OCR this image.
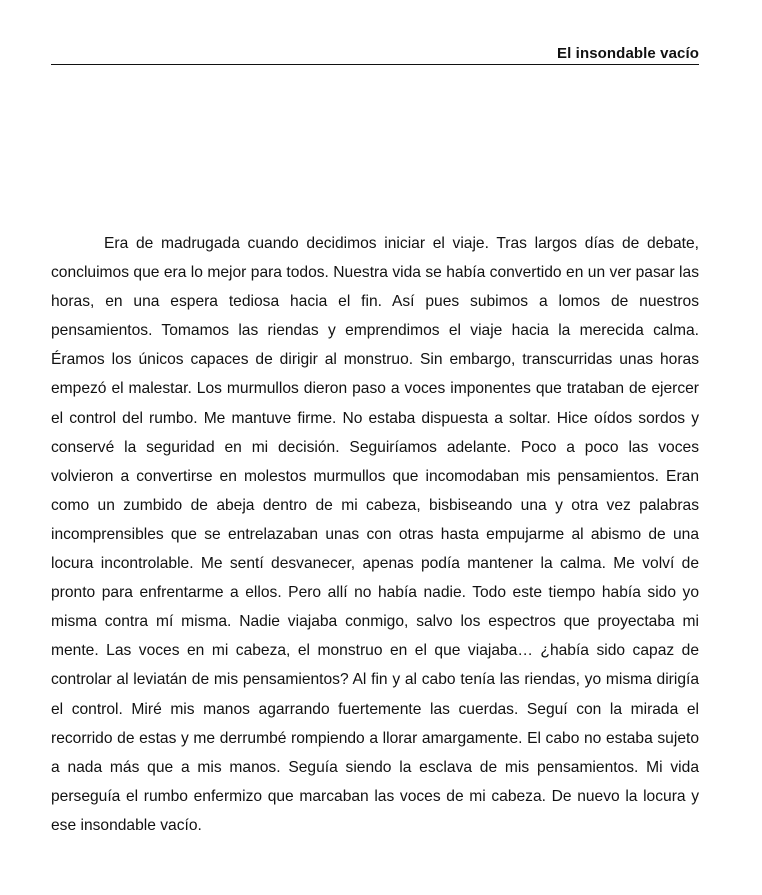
El insondable vacío

Era de madrugada cuando decidimos iniciar el viaje. Tras largos días de debate, concluimos que era lo mejor para todos. Nuestra vida se había convertido en un ver pasar las horas, en una espera tediosa hacia el fin. Así pues subimos a lomos de nuestros pensamientos. Tomamos las riendas y emprendimos el viaje hacia la merecida calma. Éramos los únicos capaces de dirigir al monstruo. Sin embargo, transcurridas unas horas empezó el malestar. Los murmullos dieron paso a voces imponentes que trataban de ejercer el control del rumbo. Me mantuve firme. No estaba dispuesta a soltar. Hice oídos sordos y conservé la seguridad en mi decisión. Seguiríamos adelante. Poco a poco las voces volvieron a convertirse en molestos murmullos que incomodaban mis pensamientos. Eran como un zumbido de abeja dentro de mi cabeza, bisbiseando una y otra vez palabras incomprensibles que se entrelazaban unas con otras hasta empujarme al abismo de una locura incontrolable. Me sentí desvanecer, apenas podía mantener la calma. Me volví de pronto para enfrentarme a ellos. Pero allí no había nadie. Todo este tiempo había sido yo misma contra mí misma. Nadie viajaba conmigo, salvo los espectros que proyectaba mi mente. Las voces en mi cabeza, el monstruo en el que viajaba… ¿había sido capaz de controlar al leviatán de mis pensamientos? Al fin y al cabo tenía las riendas, yo misma dirigía el control. Miré mis manos agarrando fuertemente las cuerdas. Seguí con la mirada el recorrido de estas y me derrumbé rompiendo a llorar amargamente. El cabo no estaba sujeto a nada más que a mis manos. Seguía siendo la esclava de mis pensamientos. Mi vida perseguía el rumbo enfermizo que marcaban las voces de mi cabeza. De nuevo la locura y ese insondable vacío.
